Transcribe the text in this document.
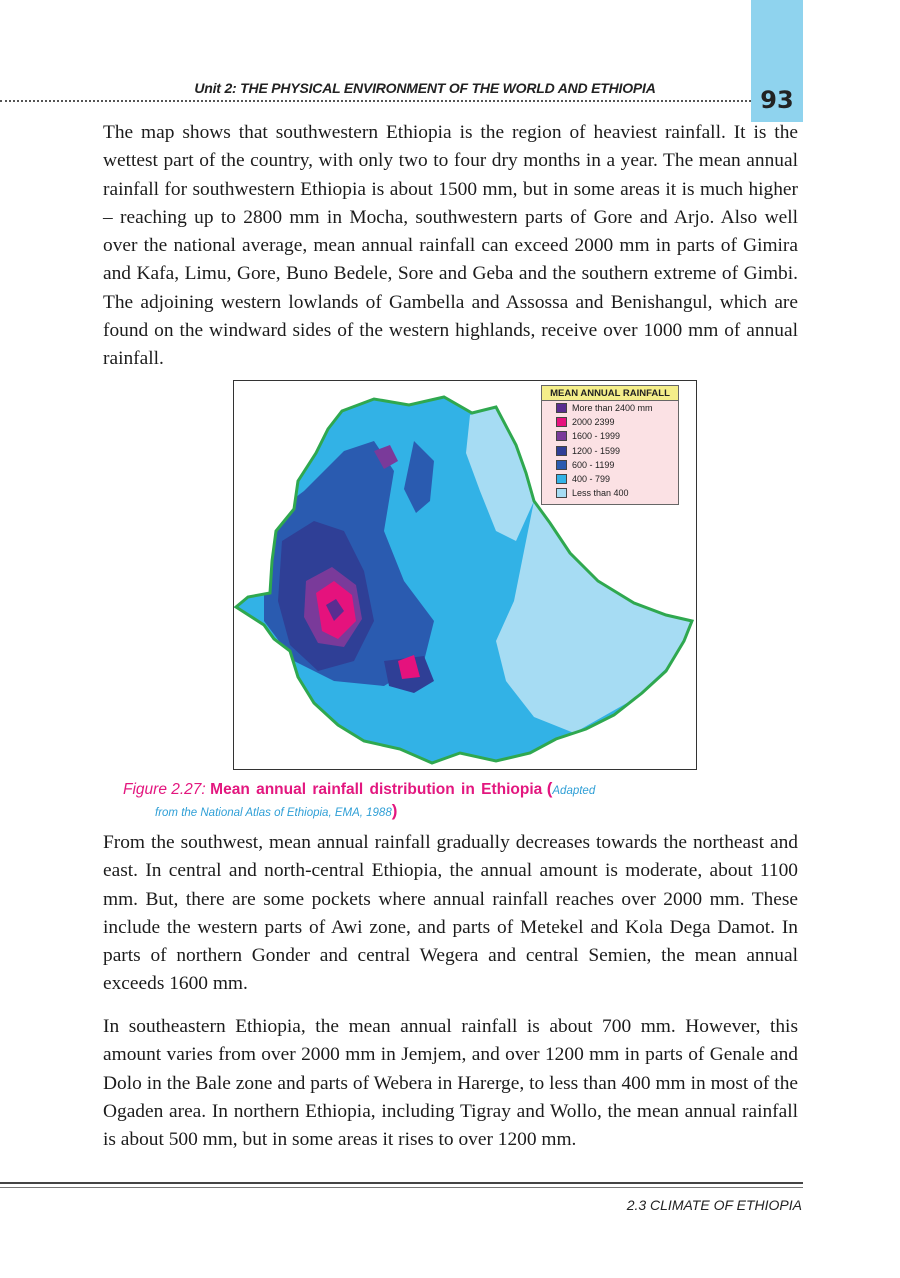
93
Unit 2: THE PHYSICAL ENVIRONMENT OF THE WORLD AND ETHIOPIA

The map shows that southwestern Ethiopia is the region of heaviest rainfall. It is the wettest part of the country, with only two to four dry months in a year. The mean annual rainfall for southwestern Ethiopia is about 1500 mm, but in some areas it is much higher – reaching up to 2800 mm in Mocha, southwestern parts of Gore and Arjo. Also well over the national average, mean annual rainfall can exceed 2000 mm in parts of Gimira and Kafa, Limu, Gore, Buno Bedele, Sore and Geba and the southern extreme of Gimbi. The adjoining western lowlands of Gambella and Assossa and Benishangul, which are found on the windward sides of the western highlands, receive over 1000 mm of annual rainfall.

MEAN ANNUAL RAINFALL
More than 2400 mm
2000 2399
1600 - 1999
1200 - 1599
600 - 1199
400 - 799
Less than 400
Figure 2.27: Mean annual rainfall distribution in Ethiopia (Adapted
from the National Atlas of Ethiopia, EMA, 1988)

From the southwest, mean annual rainfall gradually decreases towards the northeast and east. In central and north-central Ethiopia, the annual amount is moderate, about 1100 mm. But, there are some pockets where annual rainfall reaches over 2000 mm. These include the western parts of Awi zone, and parts of Metekel and Kola Dega Damot. In parts of northern Gonder and central Wegera and central Semien, the mean annual exceeds 1600 mm.

In southeastern Ethiopia, the mean annual rainfall is about 700 mm. However, this amount varies from over 2000 mm in Jemjem, and over 1200 mm in parts of Genale and Dolo in the Bale zone and parts of Webera in Harerge, to less than 400 mm in most of the Ogaden area. In northern Ethiopia, including Tigray and Wollo, the mean annual rainfall is about 500 mm, but in some areas it rises to over 1200 mm.

2.3 CLIMATE OF ETHIOPIA
